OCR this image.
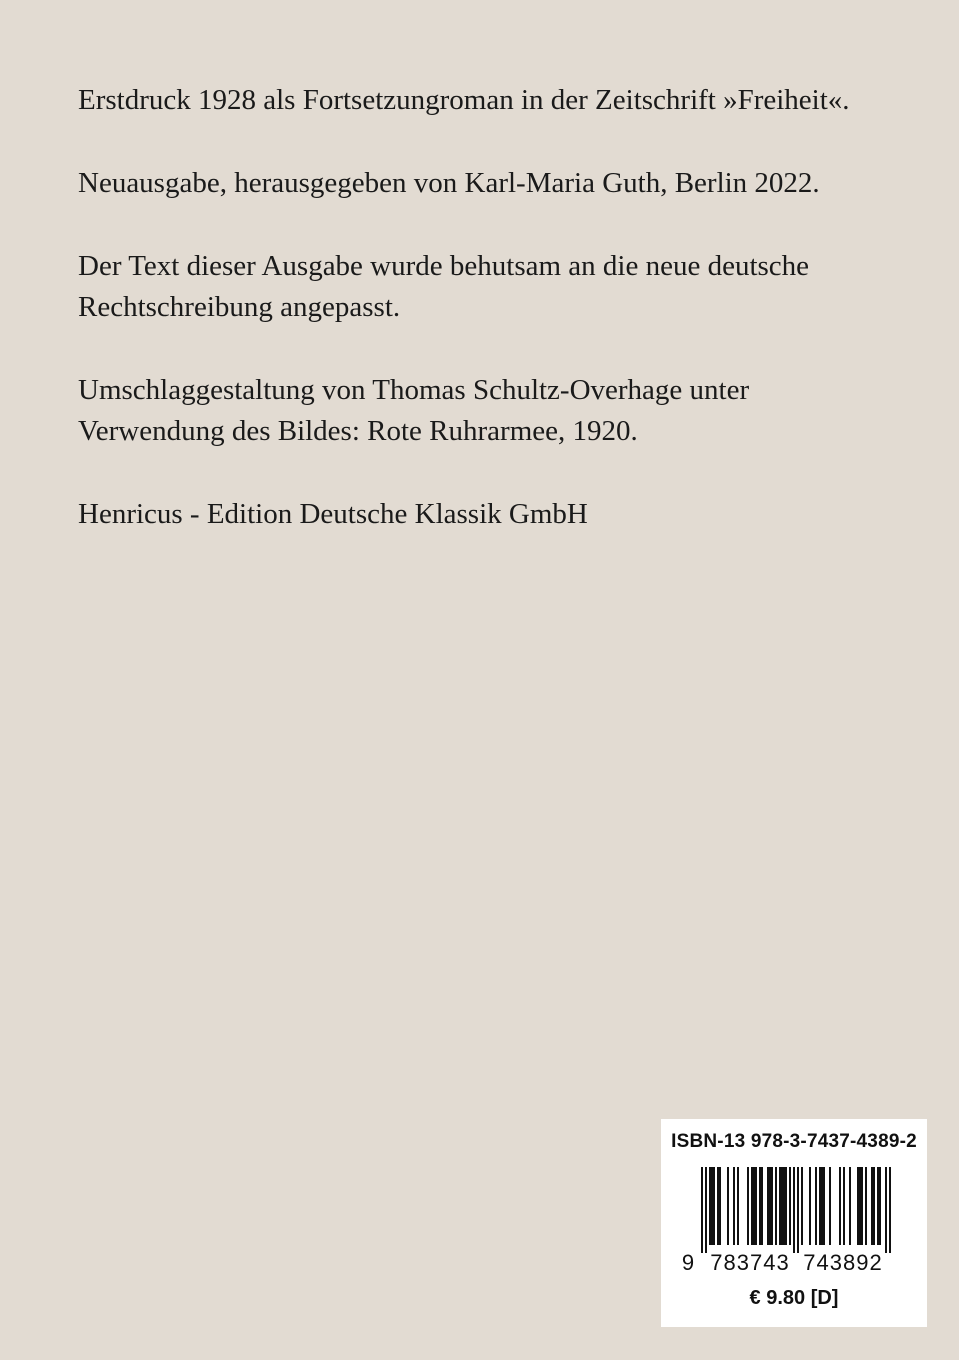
Erstdruck 1928 als Fortsetzungroman in der Zeitschrift »Freiheit«.

Neuausgabe, herausgegeben von Karl-Maria Guth, Berlin 2022.

Der Text dieser Ausgabe wurde behutsam an die neue deutsche Rechtschreibung angepasst.

Umschlaggestaltung von Thomas Schultz-Overhage unter Verwendung des Bildes: Rote Ruhrarmee, 1920.

Henricus - Edition Deutsche Klassik GmbH

ISBN-13 978-3-7437-4389-2
9 783743 743892
€ 9.80 [D]
